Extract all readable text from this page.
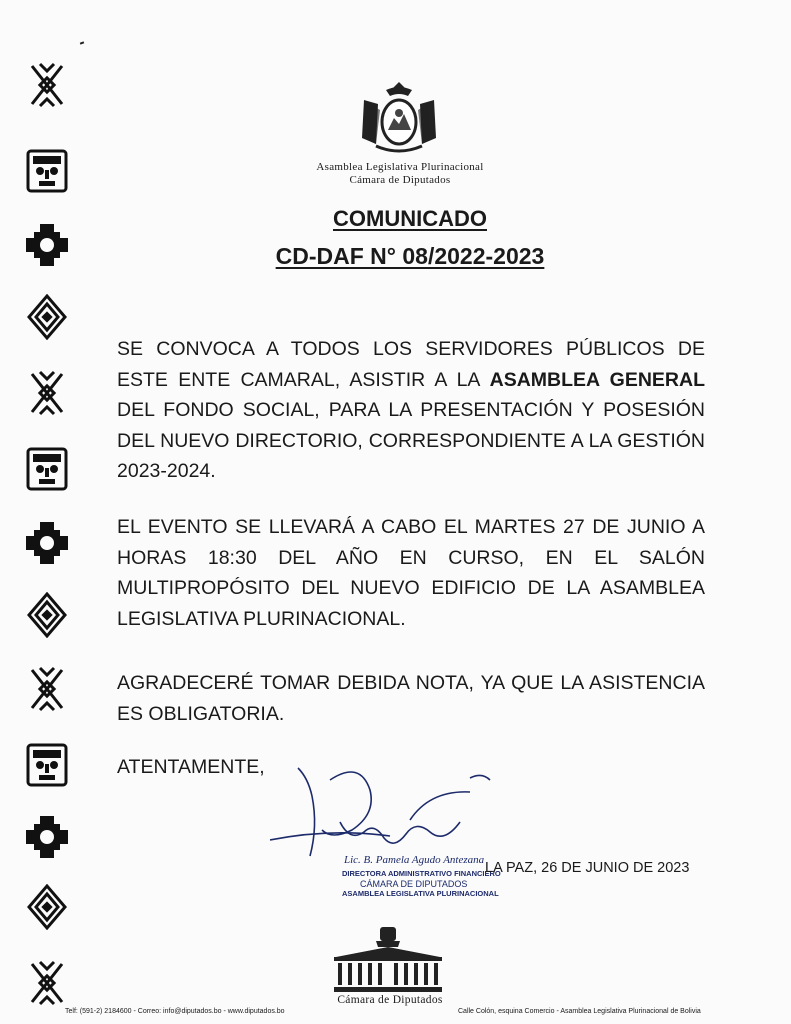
Asamblea Legislativa Plurinacional
Cámara de Diputados
COMUNICADO
CD-DAF N° 08/2022-2023
SE CONVOCA A TODOS LOS SERVIDORES PÚBLICOS DE ESTE ENTE CAMARAL, ASISTIR A LA ASAMBLEA GENERAL DEL FONDO SOCIAL, PARA LA PRESENTACIÓN Y POSESIÓN DEL NUEVO DIRECTORIO, CORRESPONDIENTE A LA GESTIÓN 2023-2024.
EL EVENTO SE LLEVARÁ A CABO EL MARTES 27 DE JUNIO A HORAS 18:30 DEL AÑO EN CURSO, EN EL SALÓN MULTIPROPÓSITO DEL NUEVO EDIFICIO DE LA ASAMBLEA LEGISLATIVA PLURINACIONAL.
AGRADECERÉ TOMAR DEBIDA NOTA, YA QUE LA ASISTENCIA ES OBLIGATORIA.
ATENTAMENTE,
Lic. B. Pamela Agudo Antezana
DIRECTORA ADMINISTRATIVO FINANCIERO
CÁMARA DE DIPUTADOS
ASAMBLEA LEGISLATIVA PLURINACIONAL
LA PAZ, 26 DE JUNIO DE 2023
Cámara de Diputados
Telf: (591-2) 2184600 - Correo: info@diputados.bo - www.diputados.bo	Calle Colón, esquina Comercio - Asamblea Legislativa Plurinacional de Bolivia
